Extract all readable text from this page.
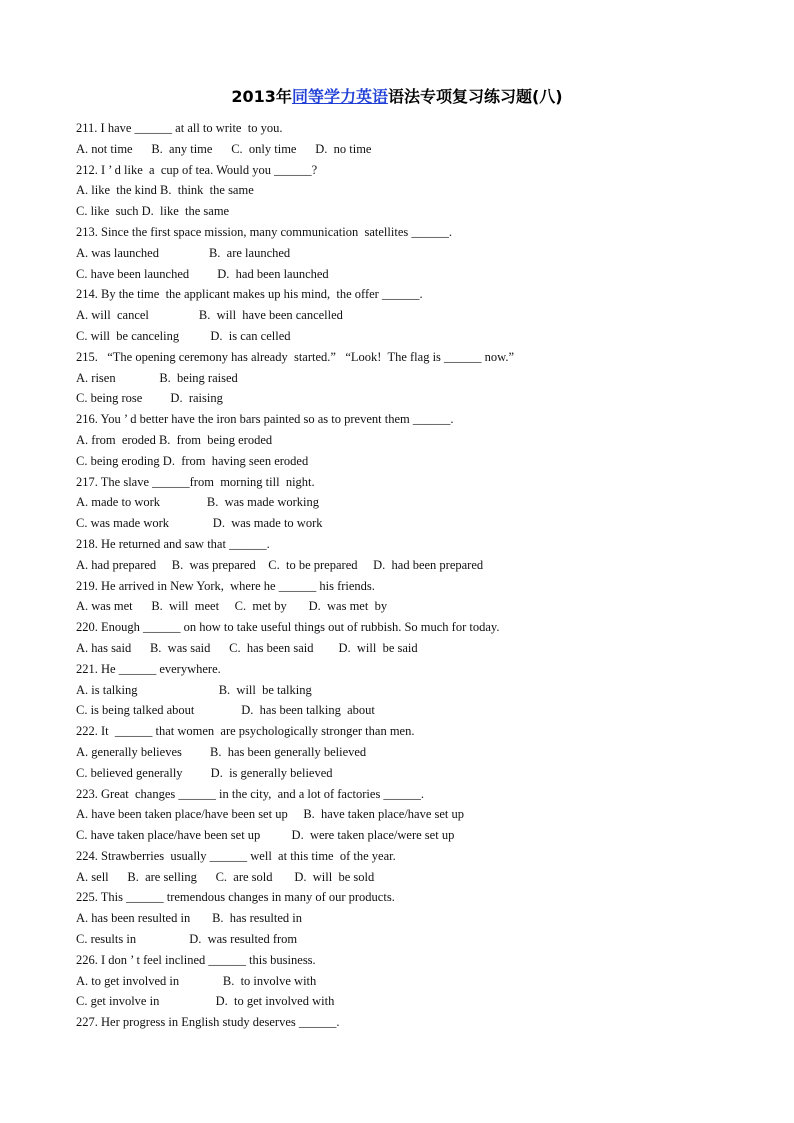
2013年同等学力英语语法专项复习练习题(八)
211. I have ______ at all to write  to you.
A. not time      B.  any time      C.  only time      D.  no time
212. I ’ d like  a  cup of tea. Would you ______?
A. like  the kind B.  think  the same
C. like  such D.  like  the same
213. Since the first space mission, many communication  satellites ______.
A. was launched                B.  are launched
C. have been launched         D.  had been launched
214. By the time  the applicant makes up his mind,  the offer ______.
A. will  cancel                B.  will  have been cancelled
C. will  be canceling          D.  is can celled
215.   “The opening ceremony has already  started.”   “Look!  The flag is ______ now.”
A. risen              B.  being raised
C. being rose         D.  raising
216. You ’ d better have the iron bars painted so as to prevent them ______.
A. from  eroded B.  from  being eroded
C. being eroding D.  from  having seen eroded
217. The slave ______from  morning till  night.
A. made to work               B.  was made working
C. was made work              D.  was made to work
218. He returned and saw that ______.
A. had prepared     B.  was prepared    C.  to be prepared     D.  had been prepared
219. He arrived in New York,  where he ______ his friends.
A. was met      B.  will  meet     C.  met by       D.  was met  by
220. Enough ______ on how to take useful things out of rubbish. So much for today.
A. has said      B.  was said      C.  has been said        D.  will  be said
221. He ______ everywhere.
A. is talking                          B.  will  be talking
C. is being talked about               D.  has been talking  about
222. It  ______ that women  are psychologically stronger than men.
A. generally believes         B.  has been generally believed
C. believed generally         D.  is generally believed
223. Great  changes ______ in the city,  and a lot of factories ______.
A. have been taken place/have been set up     B.  have taken place/have set up
C. have taken place/have been set up          D.  were taken place/were set up
224. Strawberries  usually ______ well  at this time  of the year.
A. sell      B.  are selling      C.  are sold       D.  will  be sold
225. This ______ tremendous changes in many of our products.
A. has been resulted in       B.  has resulted in
C. results in                 D.  was resulted from
226. I don ’ t feel inclined ______ this business.
A. to get involved in              B.  to involve with
C. get involve in                  D.  to get involved with
227. Her progress in English study deserves ______.
